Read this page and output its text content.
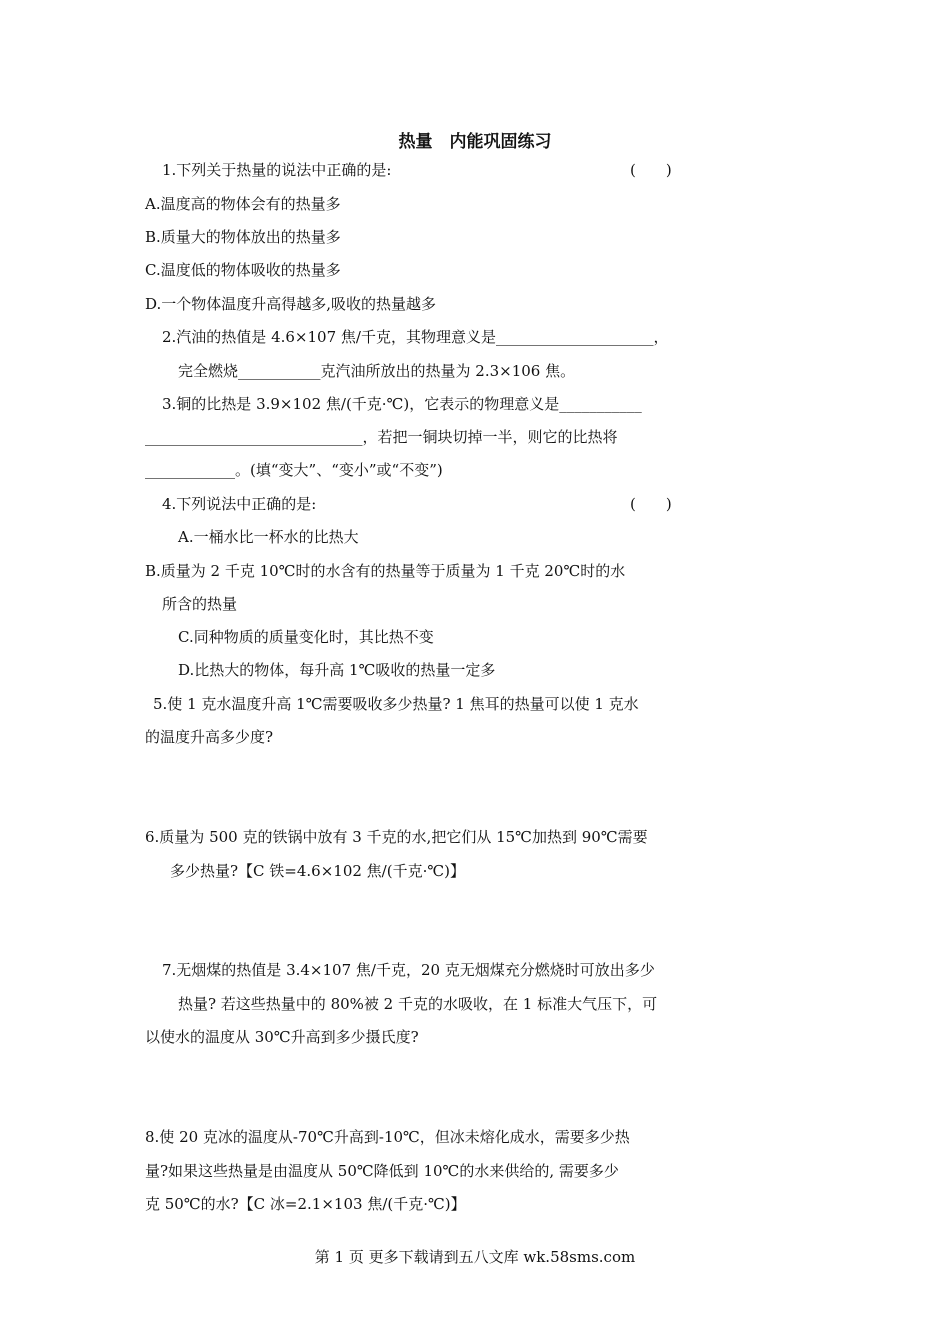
热量　内能巩固练习
1.下列关于热量的说法中正确的是:	(　　)
A.温度高的物体会有的热量多
B.质量大的物体放出的热量多
C.温度低的物体吸收的热量多
D.一个物体温度升高得越多,吸收的热量越多
2.汽油的热值是 4.6×107 焦/千克，其物理意义是_____________________，
完全燃烧___________克汽油所放出的热量为 2.3×106 焦。
3.铜的比热是 3.9×102 焦/(千克·℃)，它表示的物理意义是___________
_____________________________，若把一铜块切掉一半，则它的比热将
____________。(填“变大”、“变小”或“不变”)
4.下列说法中正确的是:	(　　)
A.一桶水比一杯水的比热大
B.质量为 2 千克 10℃时的水含有的热量等于质量为 1 千克 20℃时的水
所含的热量
C.同种物质的质量变化时，其比热不变
D.比热大的物体，每升高 1℃吸收的热量一定多
5.使 1 克水温度升高 1℃需要吸收多少热量? 1 焦耳的热量可以使 1 克水
的温度升高多少度?
6.质量为 500 克的铁锅中放有 3 千克的水,把它们从 15℃加热到 90℃需要
多少热量?【C 铁=4.6×102 焦/(千克·℃)】
7.无烟煤的热值是 3.4×107 焦/千克，20 克无烟煤充分燃烧时可放出多少
热量? 若这些热量中的 80%被 2 千克的水吸收，在 1 标准大气压下，可
以使水的温度从 30℃升高到多少摄氏度?
8.使 20 克冰的温度从-70℃升高到-10℃，但冰未熔化成水，需要多少热
量?如果这些热量是由温度从 50℃降低到 10℃的水来供给的, 需要多少
克 50℃的水?【C 冰=2.1×103 焦/(千克·℃)】
第 1 页 更多下载请到五八文库 wk.58sms.com
